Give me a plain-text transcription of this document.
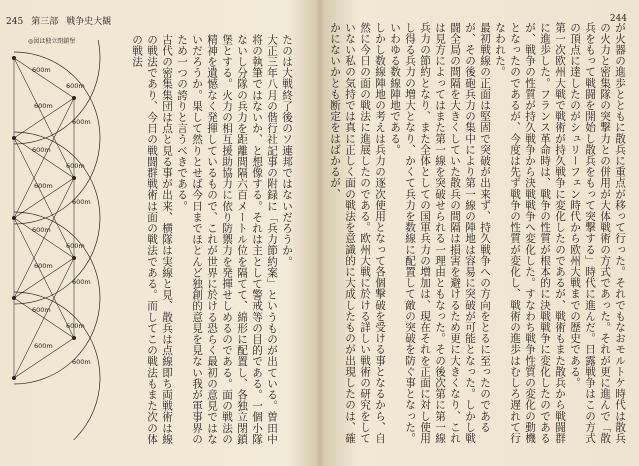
245 第三部 戦争史大観
◎図は独立閉鎖堡
600m
600m
600m
600m
600m
600m
600m
600m
600m
600m
600m
600m
600m
600m
600m
600m

たのは大戦終了後のソ連邦ではないだろうか。

大正三年八月の偕行社記事の附録に「兵力節約案」というものが出ている。曽田中将の執筆ではないか、と想像する。それは主として警戒等の目的である。一個小隊ないし分隊の兵力を距離間隔六百メートル位を隔てて、綿形に配置し、各独立閉鎖堡とする。火力の相互援助協力に依り防禦力を発揮せしめるのである。面の戦法の精神を遺憾なく発揮しているもので、これが世界に於ける恐らく最初の意見ではないだろうか。果して然りとせば今日までほとんど独創的意見を見ない我が軍事界のため一つの誇りと言うべきである。

古代の密集集団は点と見る事が出来、横隊は実線と見、散兵は点線即ち両戦術は線の戦法であり、今日の戦闘群戦術は面の戦法である。而してこの戦法もまた次の体の戦法

244

が火器の進歩とともに散兵に重点が移って行った。それでもなおモルトケ時代は散兵の火力と密集隊の突撃力との併用が大体戦術の方式であった。それが更に進んで「散兵をもって戦闘を開始し散兵をもって突撃する」時代に進んだ。日露戦争はこの方式の頂点に達したのがシュリーフェン時代から欧州大戦までの歴史である。

第一次欧州大戦で戦術が持久戦争に変化したのであるが、戦術もまた散兵から戦闘群に進歩した。フランス革命時は、戦争の性質が根本的に決戦戦争に変化したのであるが、戦争の性質が持久戦争から決戦戦争へ変化した。すなわち戦争性質の変化の動機となったのであるが、今度は先ず戦争の性質が変化し、戦術の進歩はむしろ遅れて行なわれた。

最初戦線の正面は堅固で突破が出来ず、持久戦争への方向をとるに至ったのであるが、その後砲兵力の集中により第一線の陣地は容易に突破が可能となった。しかし戦闘全局の間隔を大きくしていた散兵の間隔は損害を避けるため更に大きくなり、これは見方によってはまた第一線を突破せられる一理由ともなった。その後次第に第一線兵力の節約となり、また全体としての国軍兵力の増加は、現在それを正面に対し使用し得る兵力の増大となり、かくて兵力を数線に配置して敵の突破を防ぐ事となった。いわゆる数線陣地である。

しかし数線陣地の考えは兵力の逐次使用となって各個撃破を受ける事となるから、自然に今日の面の戦法に進展したのである。欧州大戦に於ける詳しい戦術の研究をしていない私の気持では真に正しく面の戦法を意識的に大成したものが出現したのは、確かにないかとも断定をはばかるが、
